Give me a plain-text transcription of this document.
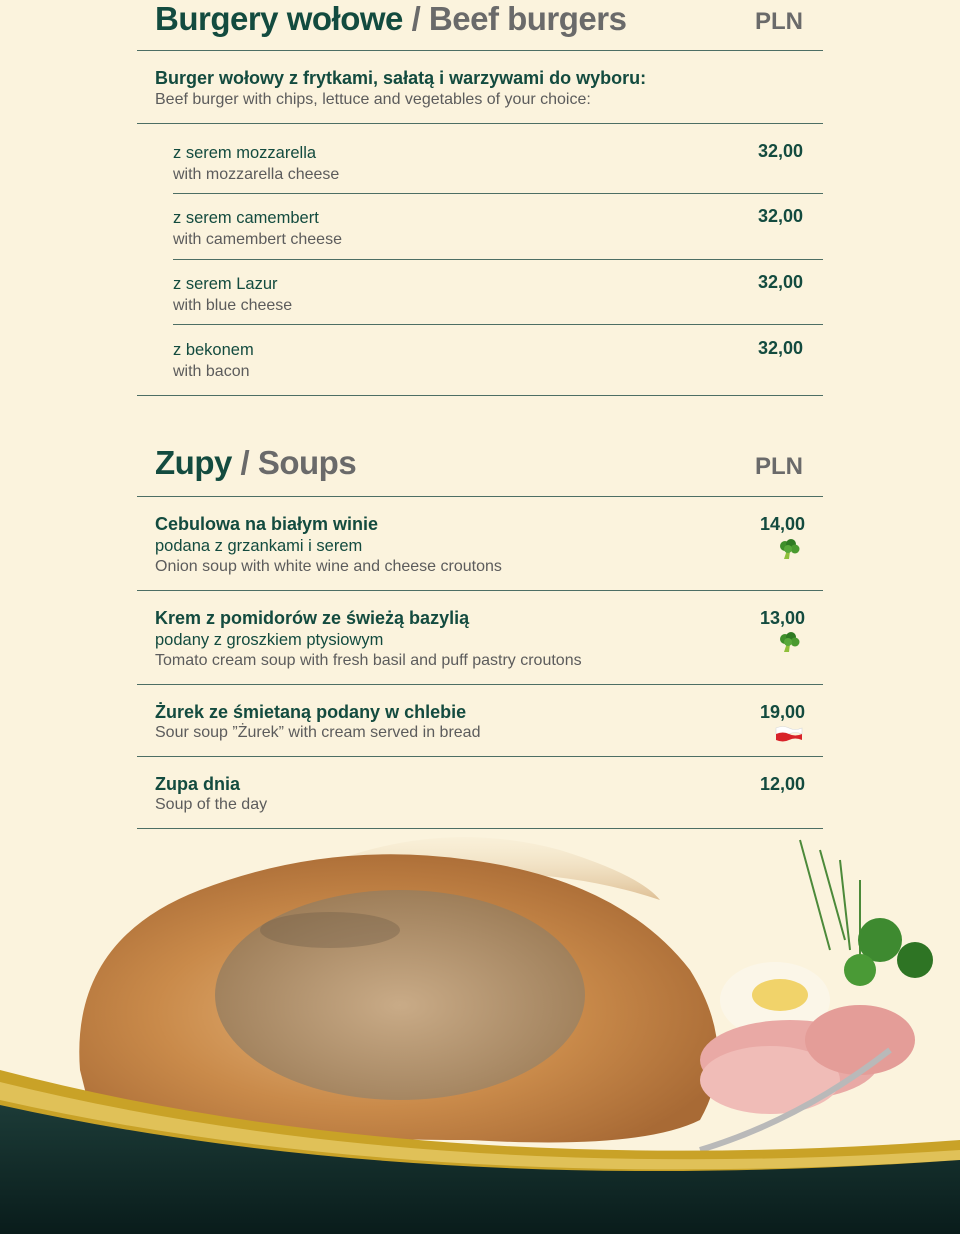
Burgery wołowe / Beef burgers	PLN
Burger wołowy z frytkami, sałatą i warzywami do wyboru:
Beef burger with chips, lettuce and vegetables of your choice:
z serem mozzarella
with mozzarella cheese
32,00
z serem camembert
with camembert cheese
32,00
z serem Lazur
with blue cheese
32,00
z bekonem
with bacon
32,00
Zupy / Soups	PLN
Cebulowa na białym winie
podana z grzankami i serem
Onion soup with white wine and cheese croutons
14,00
Krem z pomidorów ze świeżą bazylią
podany z groszkiem ptysiowym
Tomato cream soup with fresh basil and puff pastry croutons
13,00
Żurek ze śmietaną podany w chlebie
Sour soup ”Żurek” with cream served in bread
19,00
Zupa dnia
Soup of the day
12,00
